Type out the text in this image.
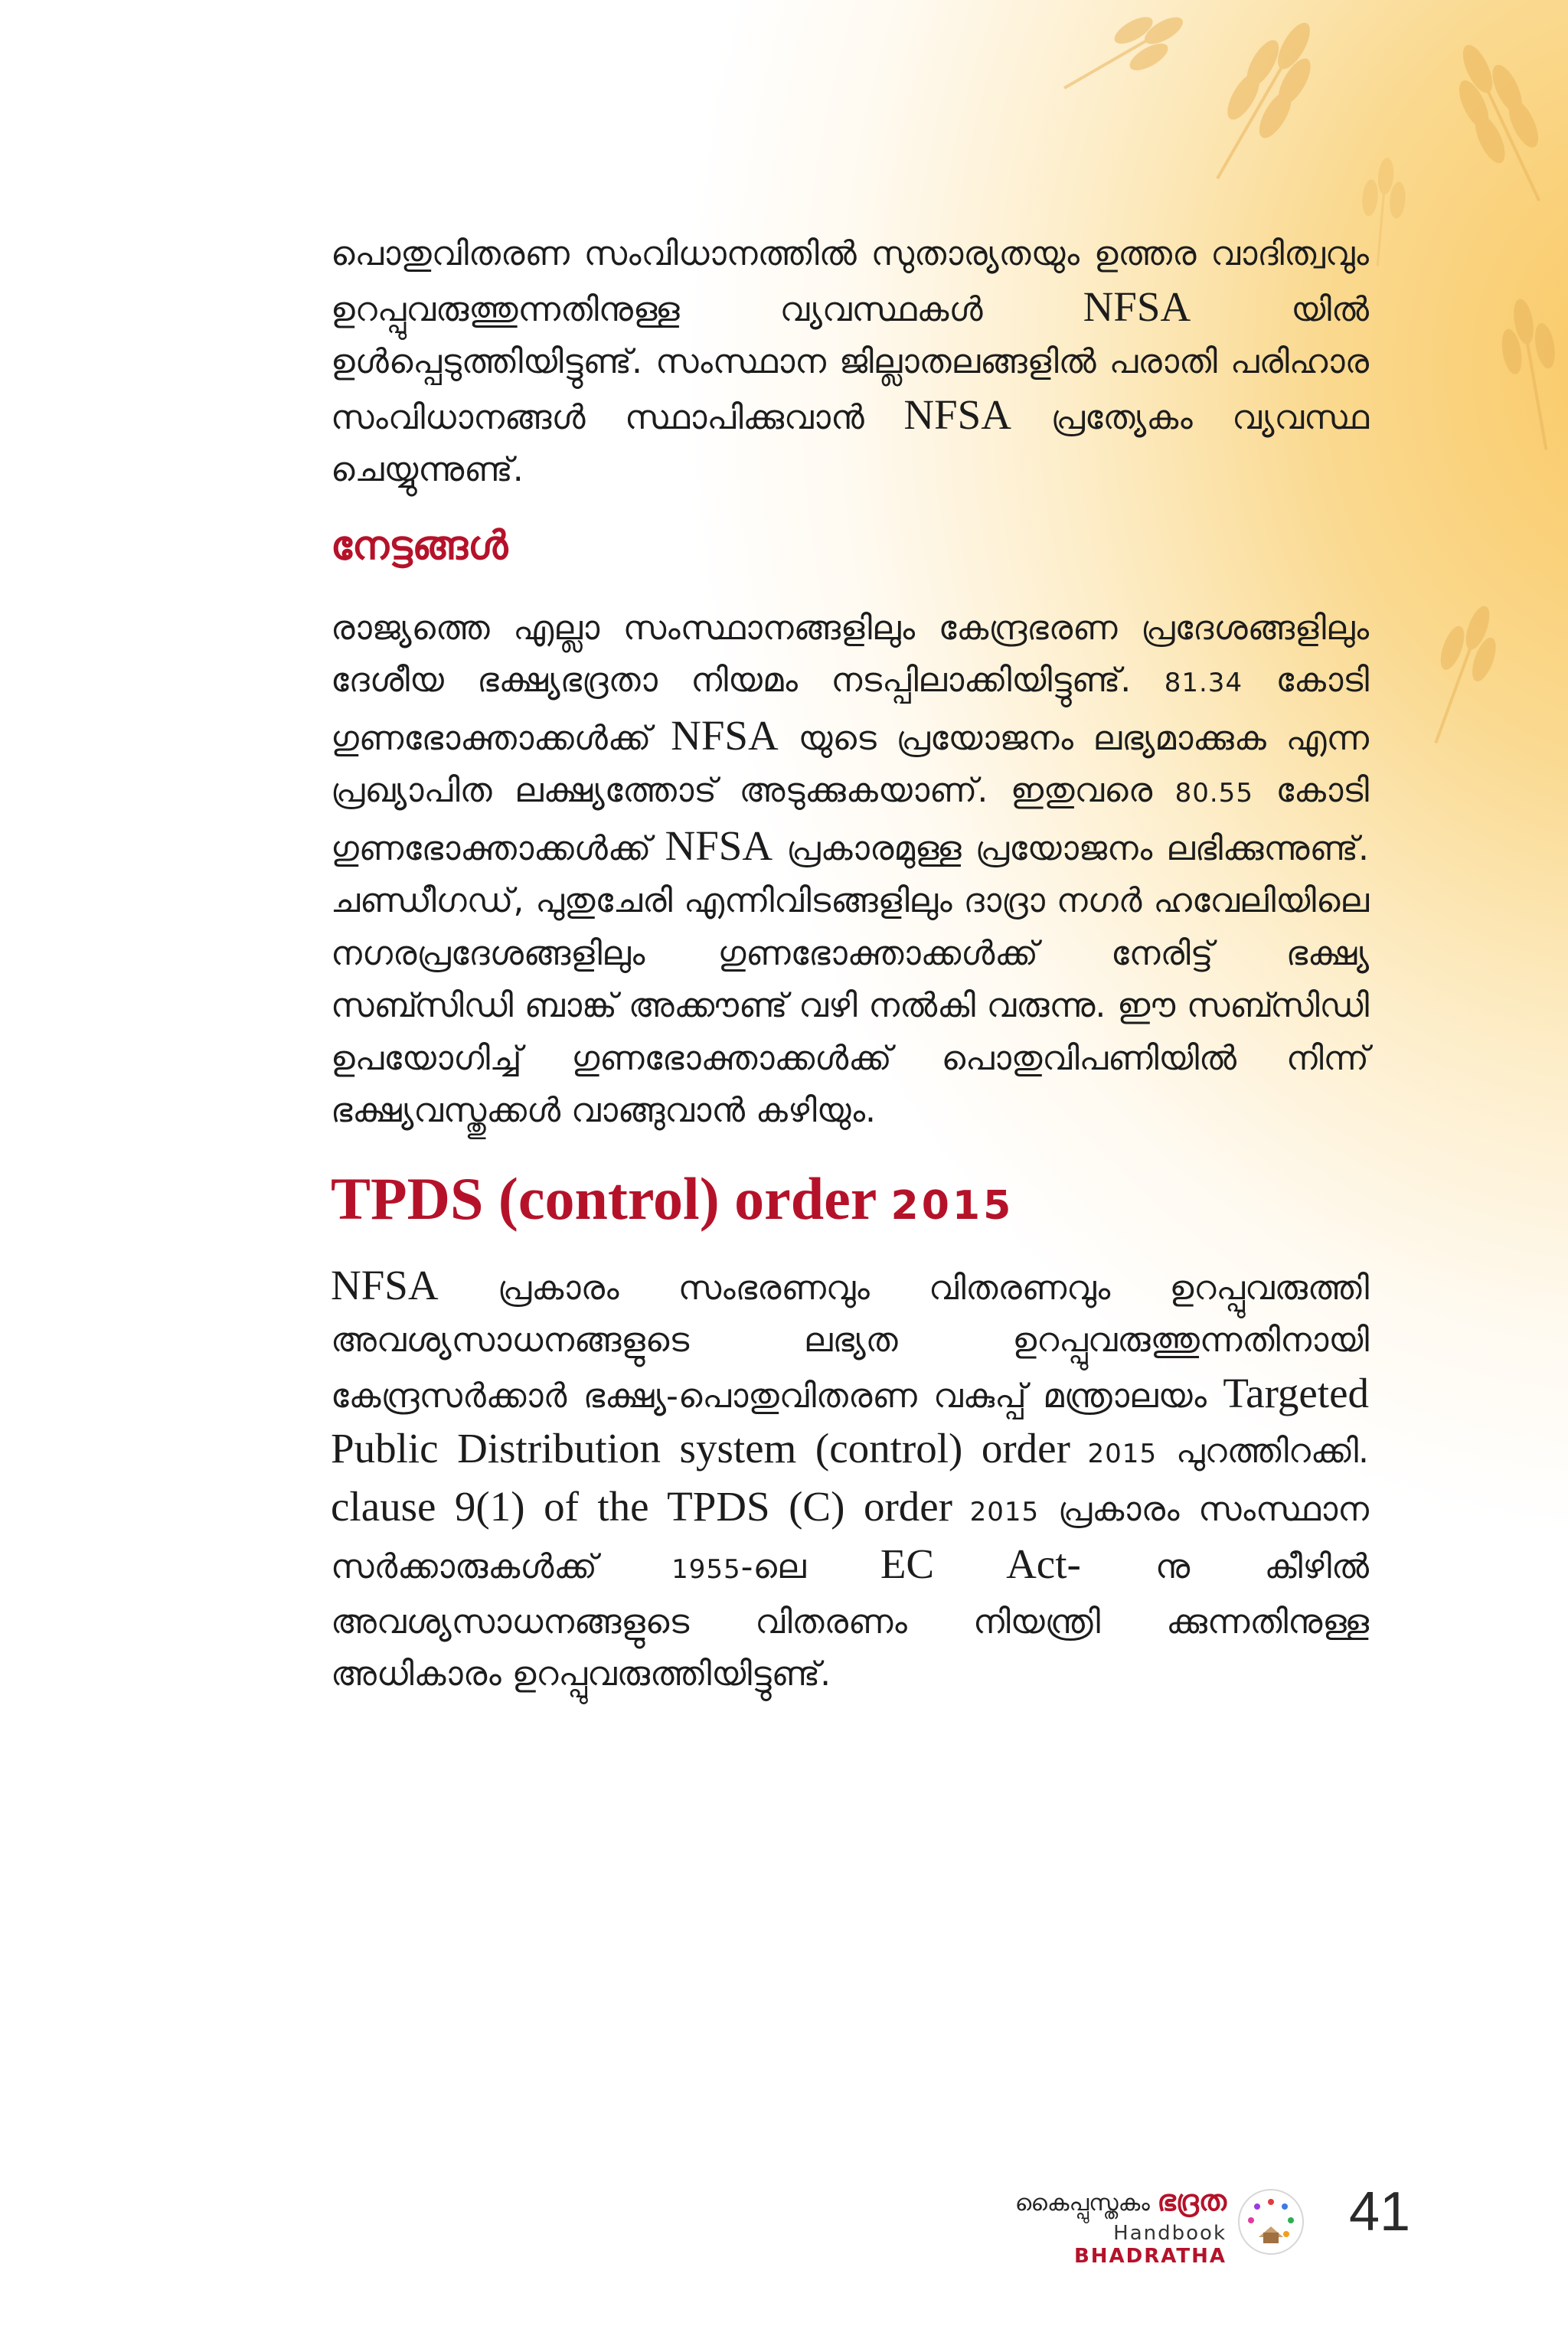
പൊതുവിതരണ സംവിധാനത്തിൽ സുതാര്യതയും ഉത്തര വാദിത്വവും ഉറപ്പുവരുത്തുന്നതിനുള്ള വ്യവസ്ഥകൾ NFSA യിൽ ഉൾപ്പെടുത്തിയിട്ടുണ്ട്. സംസ്ഥാന ജില്ലാതലങ്ങളിൽ പരാതി പരിഹാര സംവിധാനങ്ങൾ സ്ഥാപിക്കുവാൻ NFSA പ്രത്യേകം വ്യവസ്ഥ ചെയ്യുന്നുണ്ട്.

നേട്ടങ്ങൾ

രാജ്യത്തെ എല്ലാ സംസ്ഥാനങ്ങളിലും കേന്ദ്രഭരണ പ്രദേശങ്ങളിലും ദേശീയ ഭക്ഷ്യഭദ്രതാ നിയമം നടപ്പിലാക്കിയിട്ടുണ്ട്. 81.34 കോടി ഗുണഭോക്താക്കൾക്ക് NFSA യുടെ പ്രയോജനം ലഭ്യമാക്കുക എന്ന പ്രഖ്യാപിത ലക്ഷ്യത്തോട് അടുക്കുകയാണ്. ഇതുവരെ 80.55 കോടി ഗുണഭോക്താക്കൾക്ക് NFSA പ്രകാരമുള്ള പ്രയോജനം ലഭിക്കുന്നുണ്ട്. ചണ്ഡീഗഡ്, പുതുചേരി എന്നിവിടങ്ങളിലും ദാദ്രാ നഗർ ഹവേലിയിലെ നഗരപ്രദേശങ്ങളിലും ഗുണഭോക്താക്കൾക്ക് നേരിട്ട് ഭക്ഷ്യ സബ്സിഡി ബാങ്ക് അക്കൗണ്ട് വഴി നൽകി വരുന്നു. ഈ സബ്സിഡി ഉപയോഗിച്ച് ഗുണഭോക്താക്കൾക്ക് പൊതുവിപണിയിൽ നിന്ന് ഭക്ഷ്യവസ്തുക്കൾ വാങ്ങുവാൻ കഴിയും.

TPDS (control) order 2015

NFSA പ്രകാരം സംഭരണവും വിതരണവും ഉറപ്പുവരുത്തി അവശ്യസാധനങ്ങളുടെ ലഭ്യത ഉറപ്പുവരുത്തുന്നതിനായി കേന്ദ്രസർക്കാർ ഭക്ഷ്യ-പൊതുവിതരണ വകുപ്പ് മന്ത്രാലയം Targeted Public Distribution system (control) order 2015 പുറത്തിറക്കി. clause 9(1) of the TPDS (C) order 2015 പ്രകാരം സംസ്ഥാന സർക്കാരുകൾക്ക് 1955-ലെ EC Act- നു കീഴിൽ അവശ്യസാധനങ്ങളുടെ വിതരണം നിയന്ത്രി ക്കുന്നതിനുള്ള അധികാരം ഉറപ്പുവരുത്തിയിട്ടുണ്ട്.

കൈപ്പുസ്തകം ഭദ്രത
Handbook BHADRATHA
41
